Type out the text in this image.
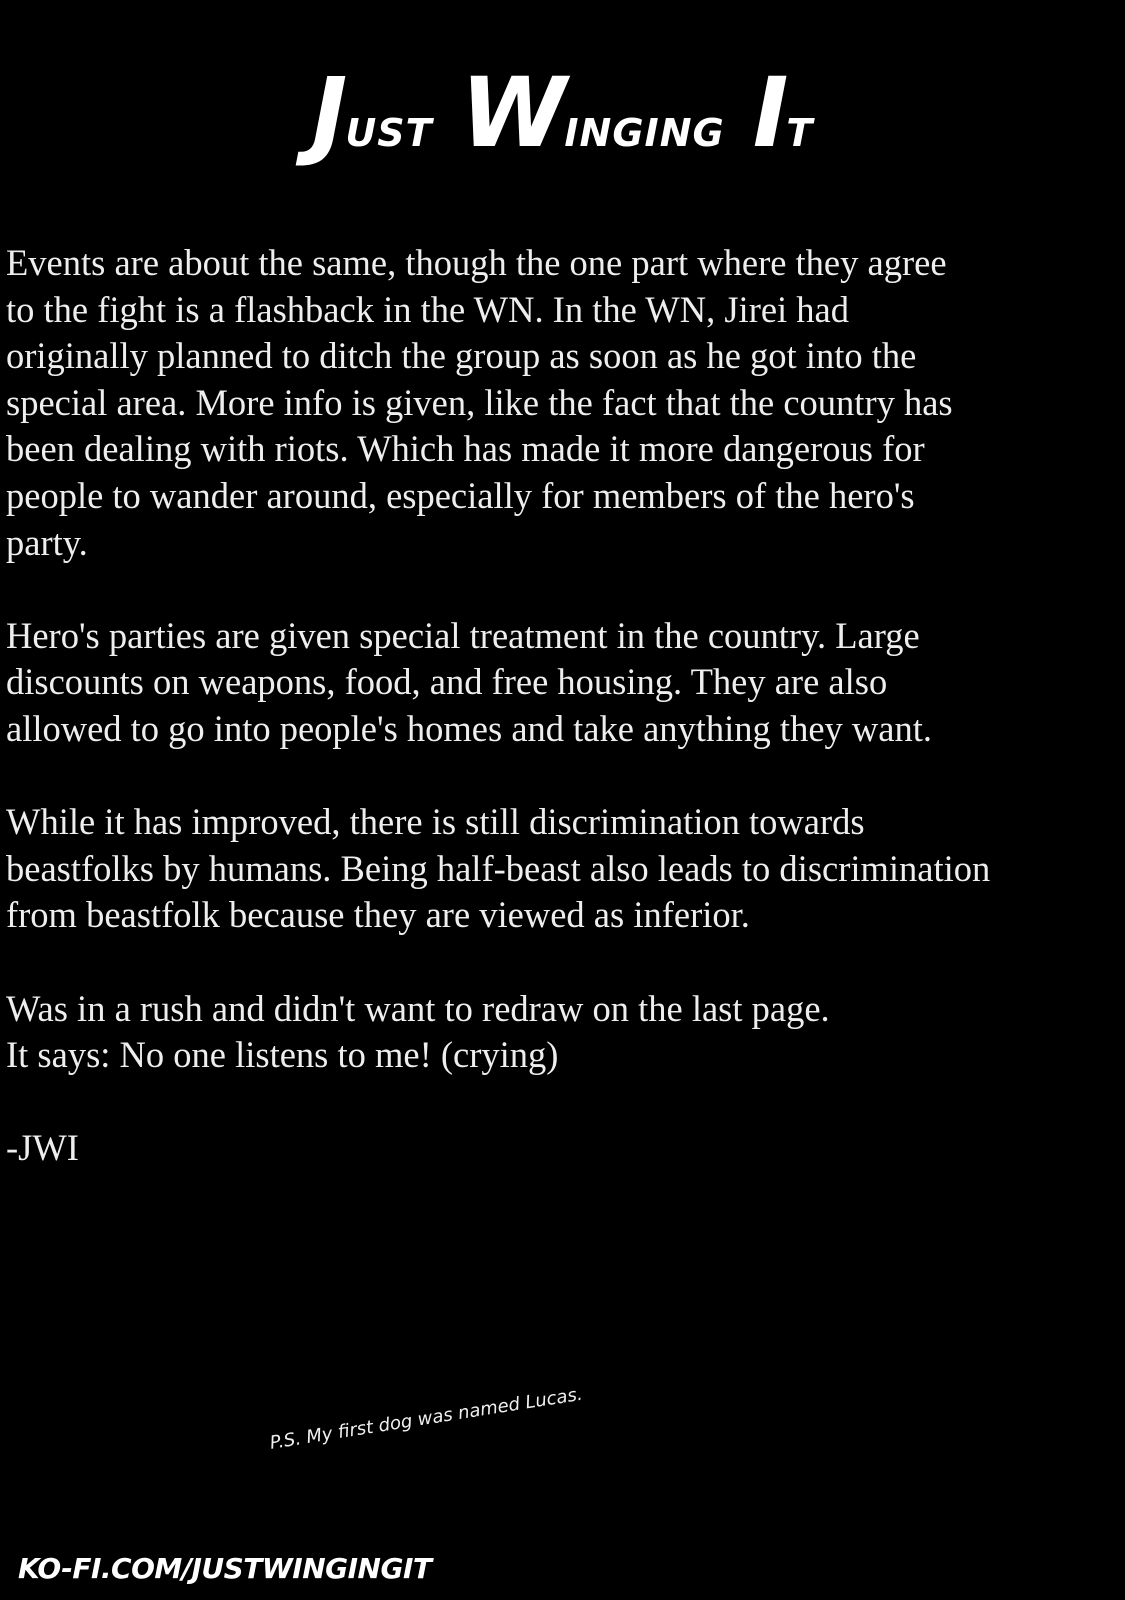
JUST WINGING IT

Events are about the same, though the one part where they agree
to the fight is a flashback in the WN. In the WN, Jirei had
originally planned to ditch the group as soon as he got into the
special area. More info is given, like the fact that the country has
been dealing with riots. Which has made it more dangerous for
people to wander around, especially for members of the hero's
party.

Hero's parties are given special treatment in the country. Large
discounts on weapons, food, and free housing. They are also
allowed to go into people's homes and take anything they want.

While it has improved, there is still discrimination towards
beastfolks by humans. Being half-beast also leads to discrimination
from beastfolk because they are viewed as inferior.

Was in a rush and didn't want to redraw on the last page.
It says: No one listens to me! (crying)

-JWI

P.S. My first dog was named Lucas.
KO-FI.COM/JUSTWINGINGIT
